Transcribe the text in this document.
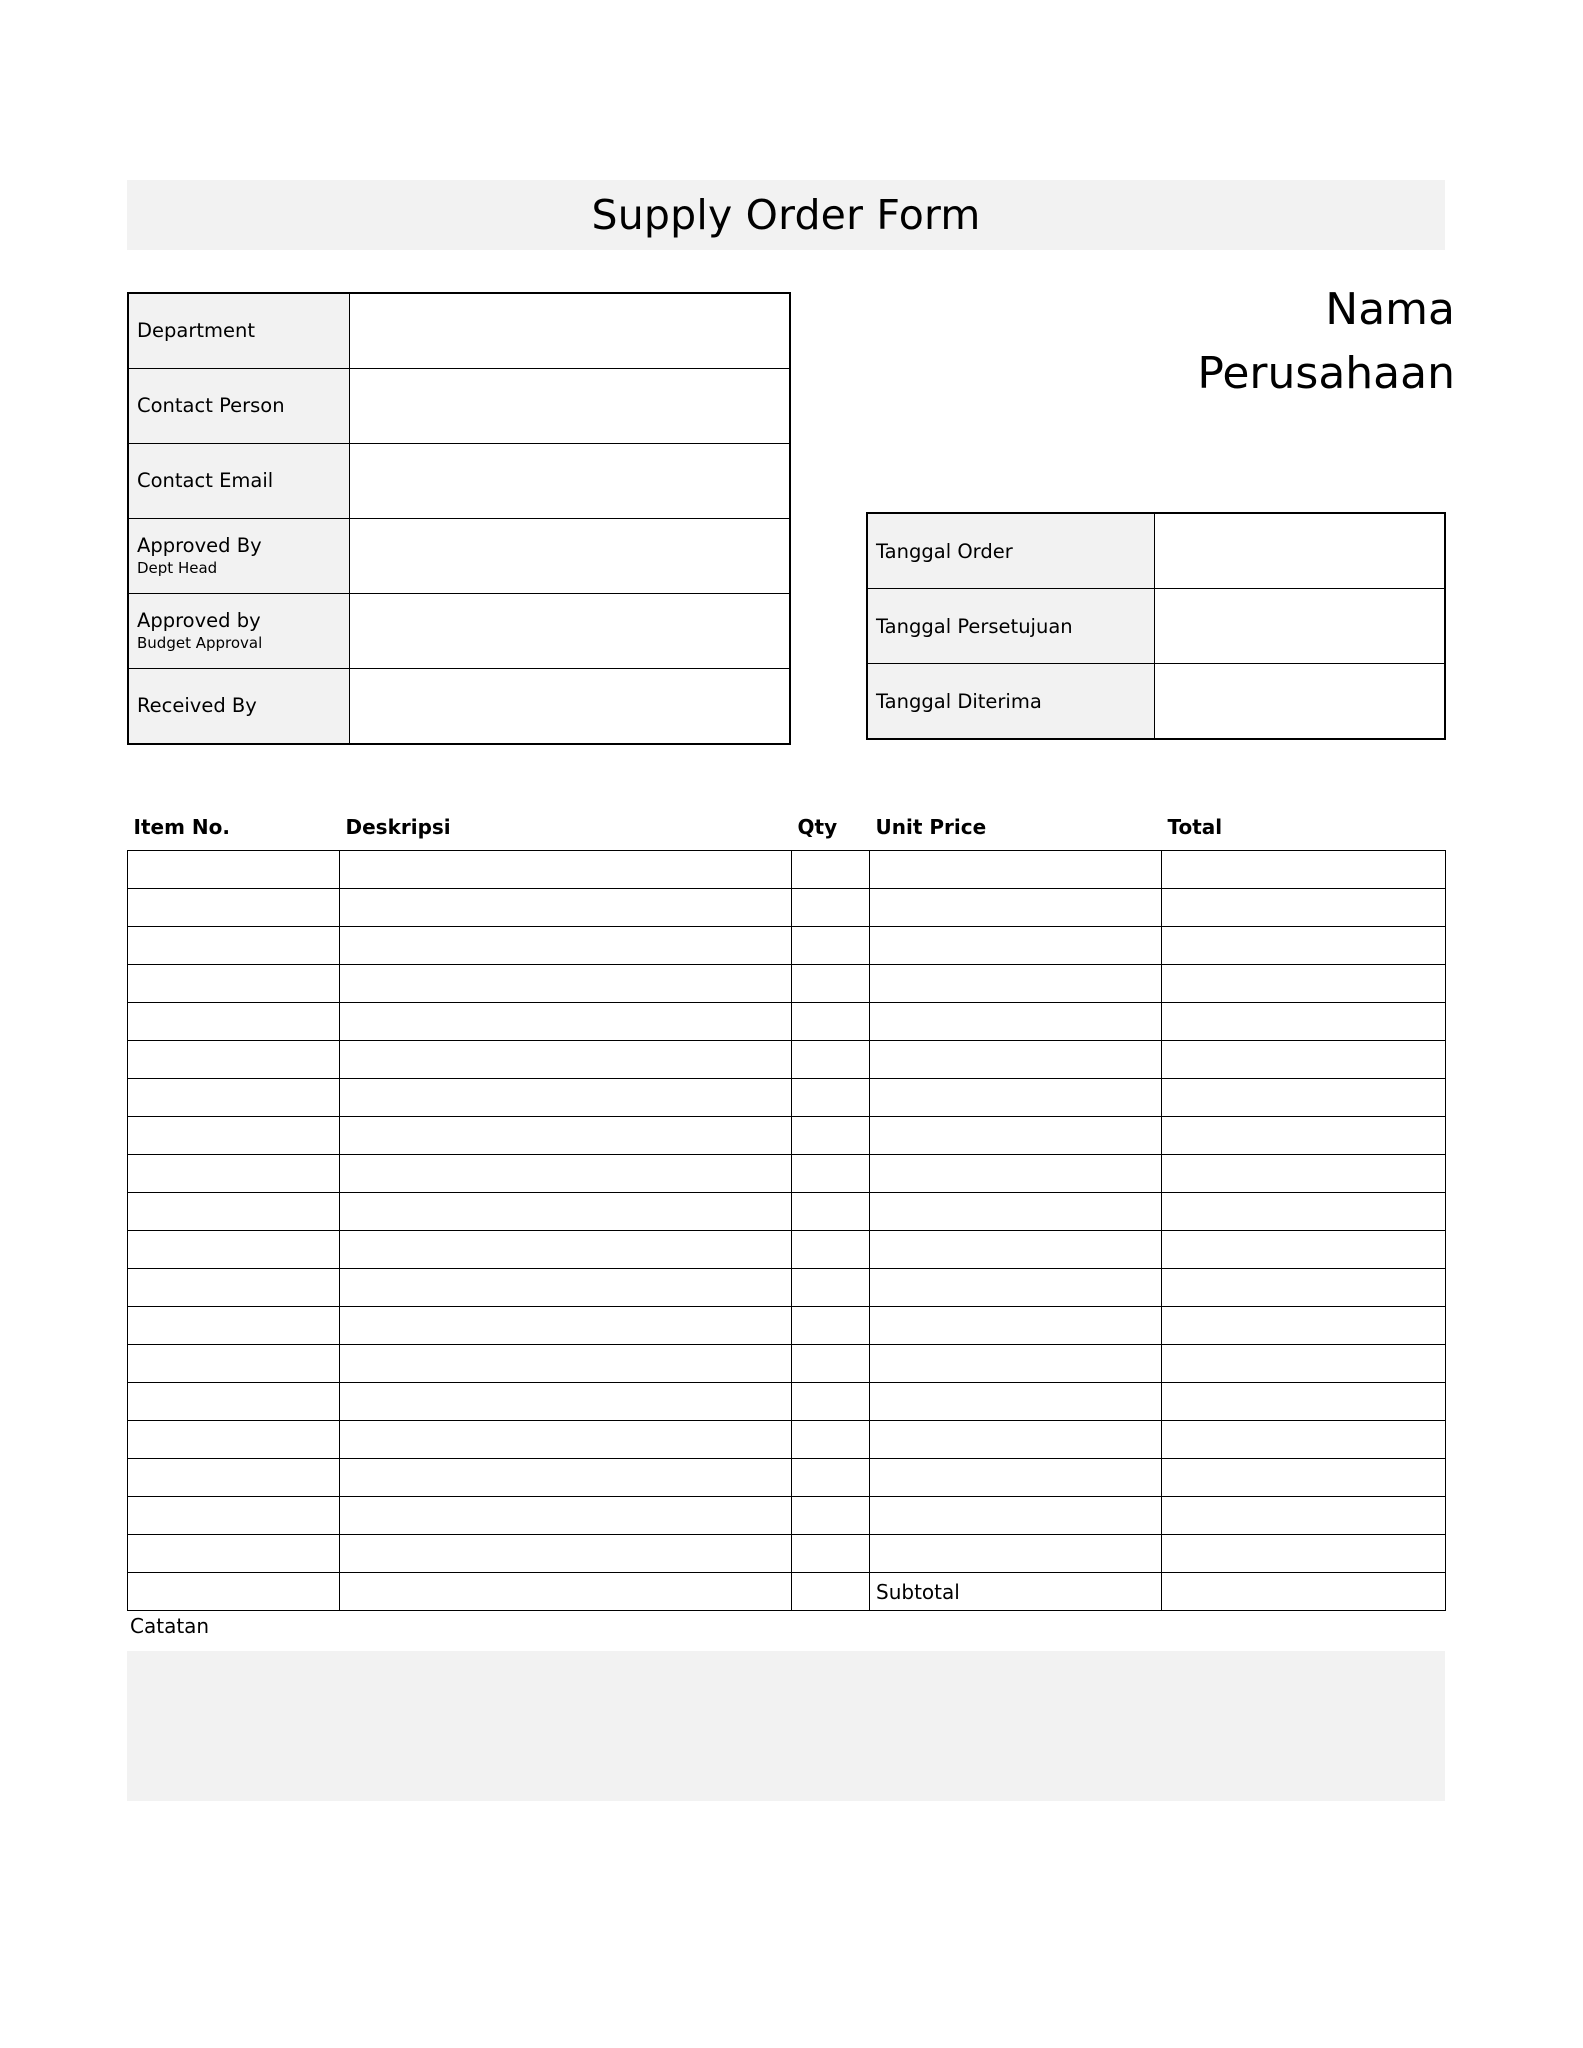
Supply Order Form
Nama
Perusahaan
Department	

Contact Person	

Contact Email	

Approved By
Dept Head	

Approved by
Budget Approval	

Received By	

Tanggal Order	
Tanggal Persetujuan	
Tanggal Diterima	
Item No.	Deskripsi	Qty	Unit Price	Total

			Subtotal	
Catatan
